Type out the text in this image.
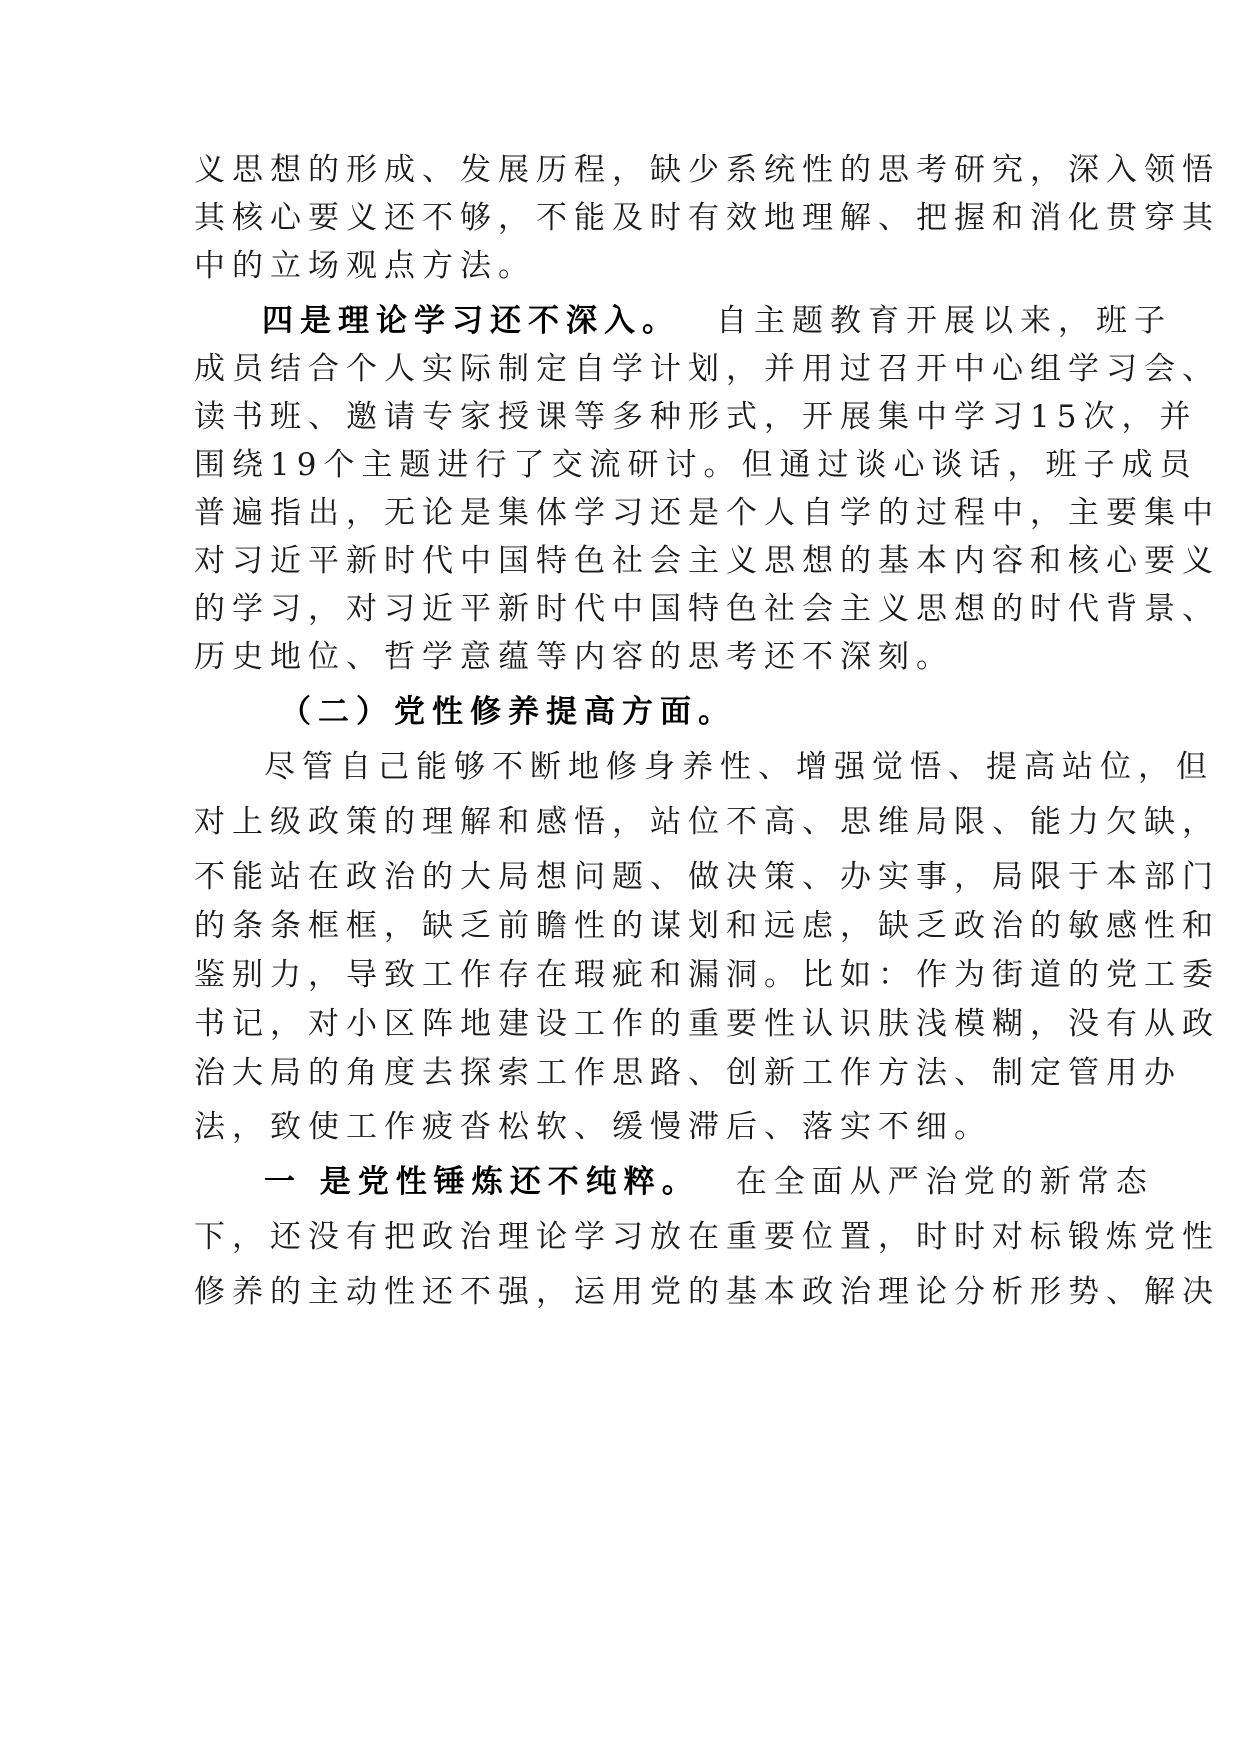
义思想的形成、发展历程，缺少系统性的思考研究，深入领悟
其核心要义还不够，不能及时有效地理解、把握和消化贯穿其
中的立场观点方法。
四是理论学习还不深入。 自主题教育开展以来，班子
成员结合个人实际制定自学计划，并用过召开中心组学习会、
读书班、邀请专家授课等多种形式，开展集中学习15次，并
围绕19个主题进行了交流研讨。但通过谈心谈话，班子成员
普遍指出，无论是集体学习还是个人自学的过程中，主要集中
对习近平新时代中国特色社会主义思想的基本内容和核心要义
的学习，对习近平新时代中国特色社会主义思想的时代背景、
历史地位、哲学意蕴等内容的思考还不深刻。
（二）党性修养提高方面。
尽管自己能够不断地修身养性、增强觉悟、提高站位，但
对上级政策的理解和感悟，站位不高、思维局限、能力欠缺，
不能站在政治的大局想问题、做决策、办实事，局限于本部门
的条条框框，缺乏前瞻性的谋划和远虑，缺乏政治的敏感性和
鉴别力，导致工作存在瑕疵和漏洞。比如：作为街道的党工委
书记，对小区阵地建设工作的重要性认识肤浅模糊，没有从政
治大局的角度去探索工作思路、创新工作方法、制定管用办
法，致使工作疲沓松软、缓慢滞后、落实不细。
一 是党性锤炼还不纯粹。 在全面从严治党的新常态
下，还没有把政治理论学习放在重要位置，时时对标锻炼党性
修养的主动性还不强，运用党的基本政治理论分析形势、解决
